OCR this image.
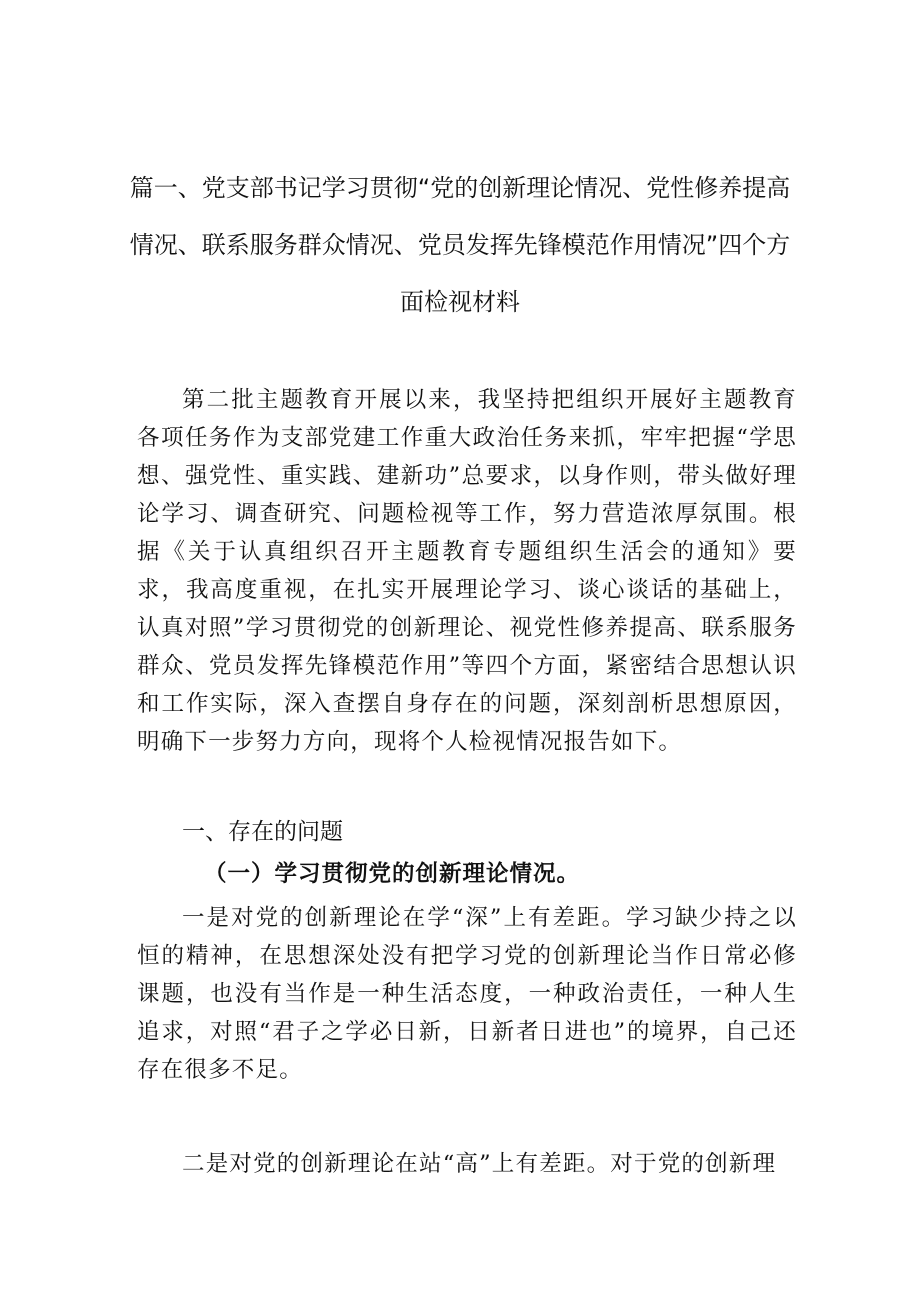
篇一、党支部书记学习贯彻“党的创新理论情况、党性修养提高情况、联系服务群众情况、党员发挥先锋模范作用情况”四个方面检视材料

第二批主题教育开展以来，我坚持把组织开展好主题教育各项任务作为支部党建工作重大政治任务来抓，牢牢把握“学思想、强党性、重实践、建新功”总要求，以身作则，带头做好理论学习、调查研究、问题检视等工作，努力营造浓厚氛围。根据《关于认真组织召开主题教育专题组织生活会的通知》要求，我高度重视，在扎实开展理论学习、谈心谈话的基础上，认真对照”学习贯彻党的创新理论、视党性修养提高、联系服务群众、党员发挥先锋模范作用”等四个方面，紧密结合思想认识和工作实际，深入查摆自身存在的问题，深刻剖析思想原因，明确下一步努力方向，现将个人检视情况报告如下。

一、存在的问题
（一）学习贯彻党的创新理论情况。

一是对党的创新理论在学“深”上有差距。学习缺少持之以恒的精神，在思想深处没有把学习党的创新理论当作日常必修课题，也没有当作是一种生活态度，一种政治责任，一种人生追求，对照“君子之学必日新，日新者日进也”的境界，自己还存在很多不足。

二是对党的创新理论在站“高”上有差距。对于党的创新理
